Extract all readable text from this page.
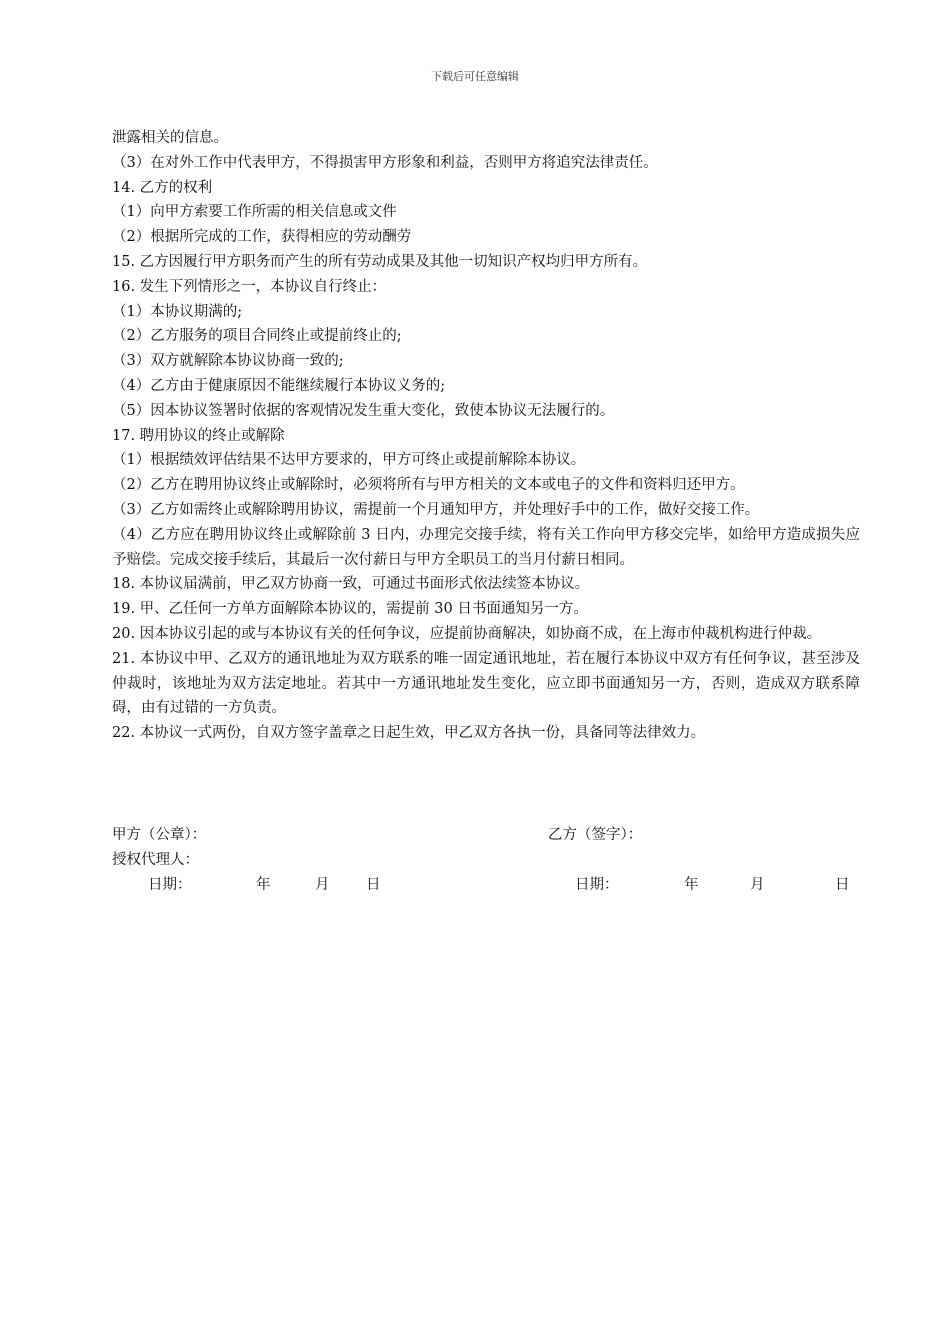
下载后可任意编辑

泄露相关的信息。

（3）在对外工作中代表甲方，不得损害甲方形象和利益，否则甲方将追究法律责任。

14. 乙方的权利

（1）向甲方索要工作所需的相关信息或文件

（2）根据所完成的工作，获得相应的劳动酬劳

15. 乙方因履行甲方职务而产生的所有劳动成果及其他一切知识产权均归甲方所有。

16. 发生下列情形之一，本协议自行终止：

（1）本协议期满的;

（2）乙方服务的项目合同终止或提前终止的;

（3）双方就解除本协议协商一致的;

（4）乙方由于健康原因不能继续履行本协议义务的;

（5）因本协议签署时依据的客观情况发生重大变化，致使本协议无法履行的。

17. 聘用协议的终止或解除

（1）根据绩效评估结果不达甲方要求的，甲方可终止或提前解除本协议。

（2）乙方在聘用协议终止或解除时，必须将所有与甲方相关的文本或电子的文件和资料归还甲方。

（3）乙方如需终止或解除聘用协议，需提前一个月通知甲方，并处理好手中的工作，做好交接工作。

（4）乙方应在聘用协议终止或解除前 3 日内，办理完交接手续，将有关工作向甲方移交完毕，如给甲方造成损失应予赔偿。完成交接手续后，其最后一次付薪日与甲方全职员工的当月付薪日相同。

18. 本协议届满前，甲乙双方协商一致，可通过书面形式依法续签本协议。

19. 甲、乙任何一方单方面解除本协议的，需提前 30 日书面通知另一方。

20. 因本协议引起的或与本协议有关的任何争议，应提前协商解决，如协商不成，在上海市仲裁机构进行仲裁。

21. 本协议中甲、乙双方的通讯地址为双方联系的唯一固定通讯地址，若在履行本协议中双方有任何争议，甚至涉及仲裁时，该地址为双方法定地址。若其中一方通讯地址发生变化，应立即书面通知另一方，否则，造成双方联系障碍，由有过错的一方负责。

22. 本协议一式两份，自双方签字盖章之日起生效，甲乙双方各执一份，具备同等法律效力。

甲方（公章）：	乙方（签字）：
授权代理人：
日期：	年	月	日	日期：	年	月	日
